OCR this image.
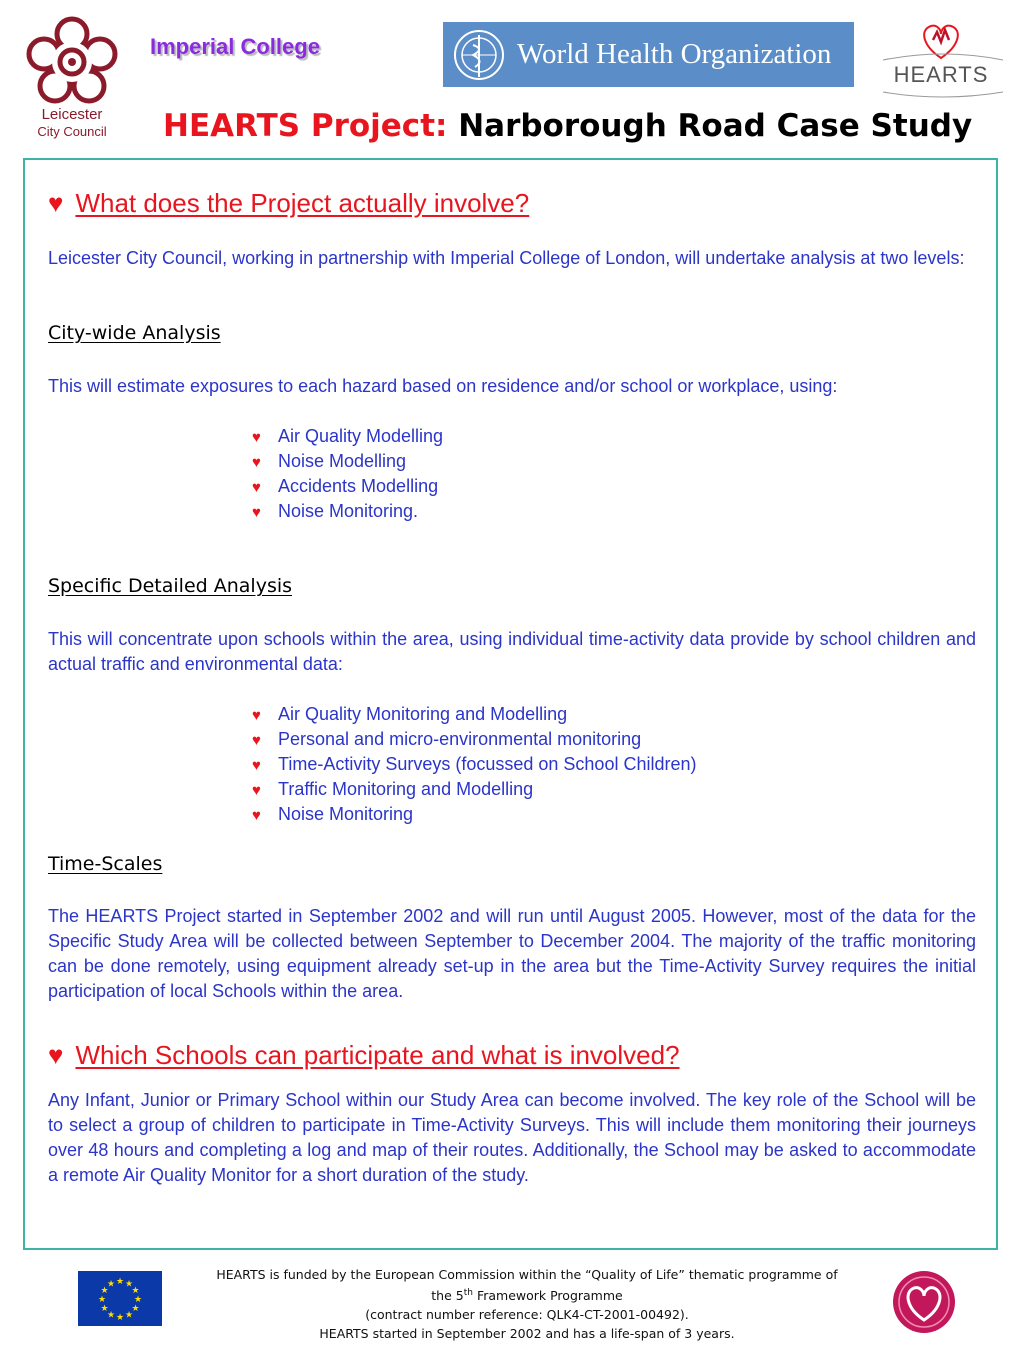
Leicester
City Council
Imperial College	World Health Organization
HEARTS
HEARTS Project: Narborough Road Case Study
♥ What does the Project actually involve?
Leicester City Council, working in partnership with Imperial College of London, will undertake analysis at two levels:
City-wide Analysis
This will estimate exposures to each hazard based on residence and/or school or workplace, using:
♥ Air Quality Modelling
♥ Noise Modelling
♥ Accidents Modelling
♥ Noise Monitoring.
Specific Detailed Analysis
This will concentrate upon schools within the area, using individual time-activity data provide by school children and actual traffic and environmental data:
♥ Air Quality Monitoring and Modelling
♥ Personal and micro-environmental monitoring
♥ Time-Activity Surveys (focussed on School Children)
♥ Traffic Monitoring and Modelling
♥ Noise Monitoring
Time-Scales
The HEARTS Project started in September 2002 and will run until August 2005. However, most of the data for the Specific Study Area will be collected between September to December 2004. The majority of the traffic monitoring can be done remotely, using equipment already set-up in the area but the Time-Activity Survey requires the initial participation of local Schools within the area.
♥ Which Schools can participate and what is involved?
Any Infant, Junior or Primary School within our Study Area can become involved. The key role of the School will be to select a group of children to participate in Time-Activity Surveys. This will include them monitoring their journeys over 48 hours and completing a log and map of their routes. Additionally, the School may be asked to accommodate a remote Air Quality Monitor for a short duration of the study.
★ ★
★
★
★
★
★
★
★
★
★
★
HEARTS is funded by the European Commission within the “Quality of Life” thematic programme of
the 5th Framework Programme
(contract number reference: QLK4-CT-2001-00492).
HEARTS started in September 2002 and has a life-span of 3 years.
